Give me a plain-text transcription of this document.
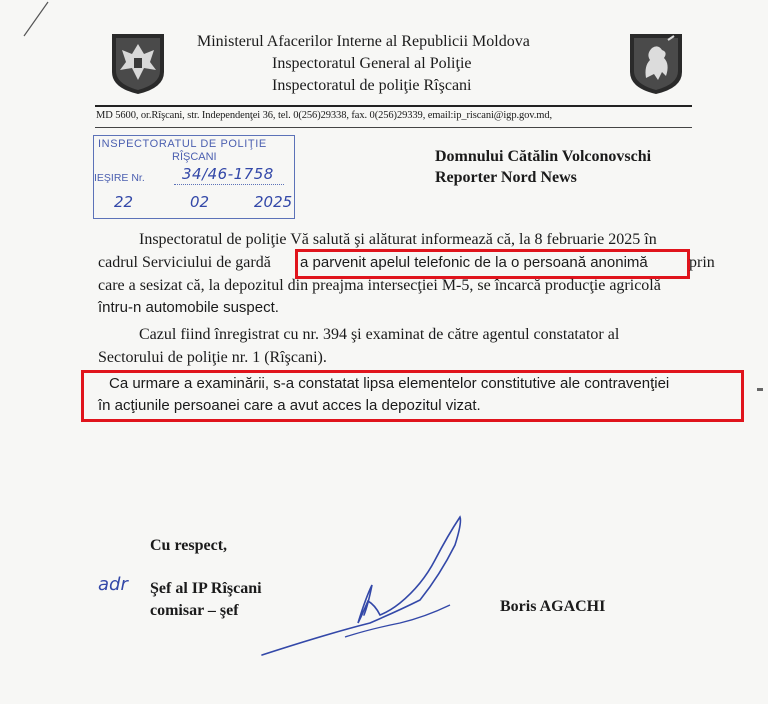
Ministerul Afacerilor Interne al Republicii Moldova
Inspectoratul General al Poliţie
Inspectoratul de poliţie Rîşcani
MD 5600, or.Rîşcani, str. Independenţei 36, tel. 0(256)29338, fax. 0(256)29339, email:ip_riscani@igp.gov.md,
INSPECTORATUL DE POLIŢIE
RÎŞCANI
IEŞIRE Nr. 34/46-1758
22	02	2025
Domnului Cătălin Volconovschi
Reporter Nord News
Inspectoratul de poliţie Vă salută şi alăturat informează că, la 8 februarie 2025 în
cadrul Serviciului de gardă a parvenit apelul telefonic de la o persoană anonimă	prin
care a sesizat că, la depozitul din preajma intersecţiei M-5, se încarcă producţie agricolă
întru-n automobile suspect.
Cazul fiind înregistrat cu nr. 394 şi examinat de către agentul constatator al
Sectorului de poliţie nr. 1 (Rîşcani).
Ca urmare a examinării, s-a constatat lipsa elementelor constitutive ale contravenţiei
în acţiunile persoanei care a avut acces la depozitul vizat.
Cu respect,
adr Şef al IP Rîşcani
comisar – şef	Boris AGACHI
